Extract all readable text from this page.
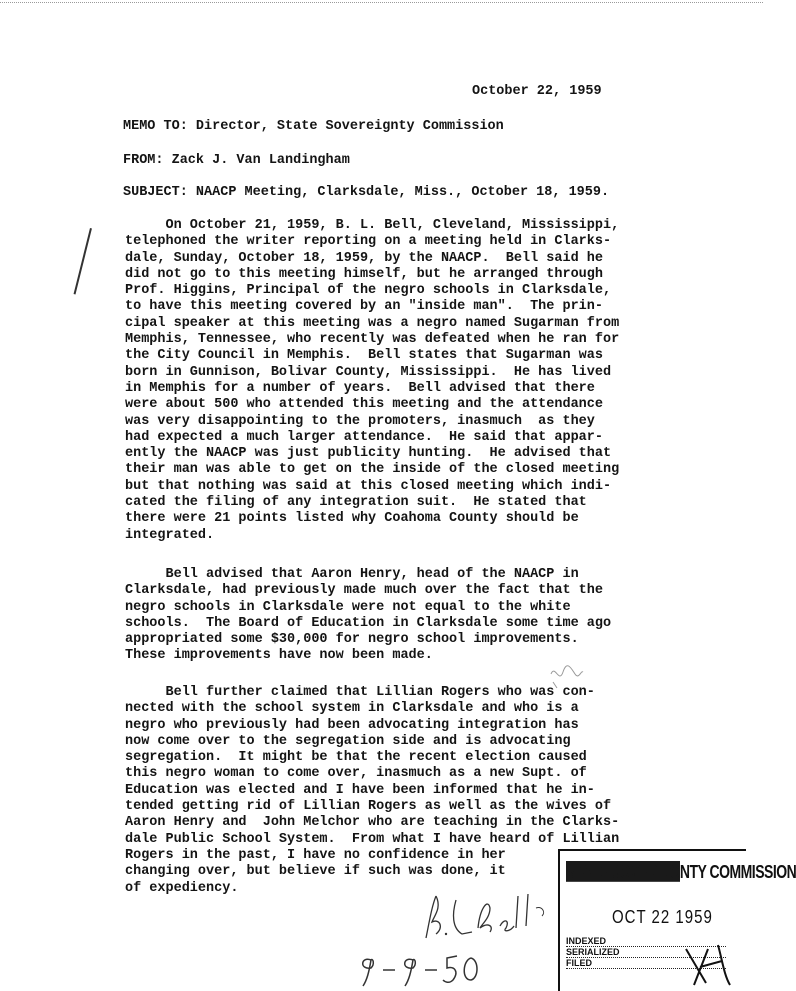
October 22, 1959
MEMO TO: Director, State Sovereignty Commission
FROM: Zack J. Van Landingham
SUBJECT: NAACP Meeting, Clarksdale, Miss., October 18, 1959.
On October 21, 1959, B. L. Bell, Cleveland, Mississippi,
telephoned the writer reporting on a meeting held in Clarks-
dale, Sunday, October 18, 1959, by the NAACP.  Bell said he
did not go to this meeting himself, but he arranged through
Prof. Higgins, Principal of the negro schools in Clarksdale,
to have this meeting covered by an "inside man".  The prin-
cipal speaker at this meeting was a negro named Sugarman from
Memphis, Tennessee, who recently was defeated when he ran for
the City Council in Memphis.  Bell states that Sugarman was
born in Gunnison, Bolivar County, Mississippi.  He has lived
in Memphis for a number of years.  Bell advised that there
were about 500 who attended this meeting and the attendance
was very disappointing to the promoters, inasmuch  as they
had expected a much larger attendance.  He said that appar-
ently the NAACP was just publicity hunting.  He advised that
their man was able to get on the inside of the closed meeting
but that nothing was said at this closed meeting which indi-
cated the filing of any integration suit.  He stated that
there were 21 points listed why Coahoma County should be
integrated.
Bell advised that Aaron Henry, head of the NAACP in
Clarksdale, had previously made much over the fact that the
negro schools in Clarksdale were not equal to the white
schools.  The Board of Education in Clarksdale some time ago
appropriated some $30,000 for negro school improvements.
These improvements have now been made.
Bell further claimed that Lillian Rogers who was con-
nected with the school system in Clarksdale and who is a
negro who previously had been advocating integration has
now come over to the segregation side and is advocating
segregation.  It might be that the recent election caused
this negro woman to come over, inasmuch as a new Supt. of
Education was elected and I have been informed that he in-
tended getting rid of Lillian Rogers as well as the wives of
Aaron Henry and  John Melchor who are teaching in the Clarks-
dale Public School System.  From what I have heard of Lillian
Rogers in the past, I have no confidence in her
changing over, but believe if such was done, it
of expediency.
STATE SOVEREIGNTY COMMISSION
OCT 22 1959
INDEXED
SERIALIZED
FILED
